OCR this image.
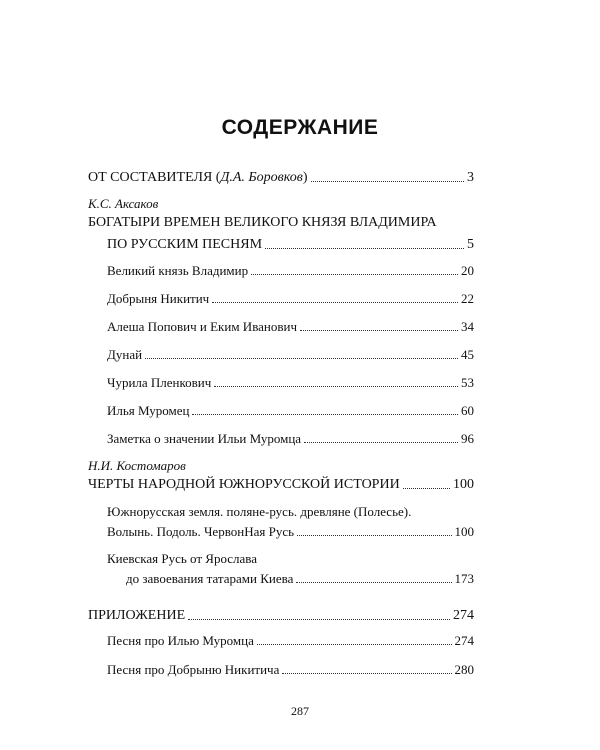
СОДЕРЖАНИЕ
ОТ СОСТАВИТЕЛЯ (Д.А. Боровков)	3
К.С. Аксаков
БОГАТЫРИ ВРЕМЕН ВЕЛИКОГО КНЯЗЯ ВЛАДИМИРА
ПО РУССКИМ ПЕСНЯМ	5
Великий князь Владимир	20
Добрыня Никитич	22
Алеша Попович и Еким Иванович	34
Дунай	45
Чурила Пленкович	53
Илья Муромец	60
Заметка о значении Ильи Муромца	96
Н.И. Костомаров
ЧЕРТЫ НАРОДНОЙ ЮЖНОРУССКОЙ ИСТОРИИ	100
Южнорусская земля. поляне-русь. древляне (Полесье).
Волынь. Подоль. ЧервонНая Русь	100
Киевская Русь от Ярослава
до завоевания татарами Киева	173
ПРИЛОЖЕНИЕ	274
Песня про Илью Муромца	274
Песня про Добрыню Никитича	280
287
